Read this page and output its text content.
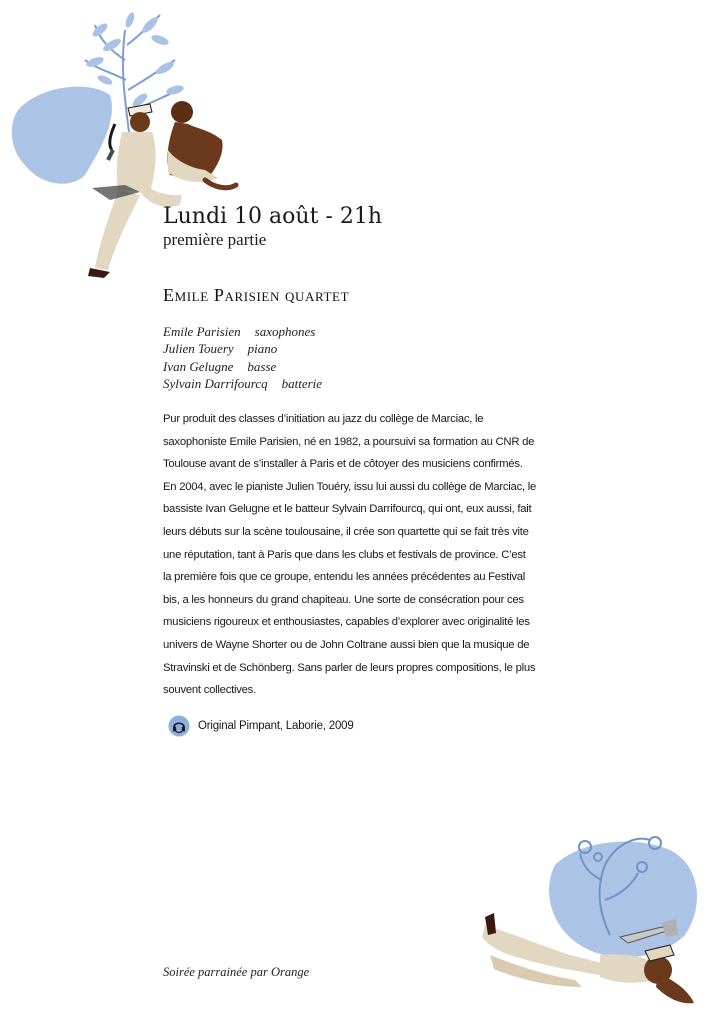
Lundi 10 août - 21h
première partie
Emile Parisien quartet
Emile Parisien saxophones
Julien Touery piano
Ivan Gelugne basse
Sylvain Darrifourcq batterie
Pur produit des classes d’initiation au jazz du collège de Marciac, le
saxophoniste Emile Parisien, né en 1982, a poursuivi sa formation au CNR de
Toulouse avant de s’installer à Paris et de côtoyer des musiciens confirmés.
En 2004, avec le pianiste Julien Touéry, issu lui aussi du collège de Marciac, le
bassiste Ivan Gelugne et le batteur Sylvain Darrifourcq, qui ont, eux aussi, fait
leurs débuts sur la scène toulousaine, il crée son quartette qui se fait très vite
une réputation, tant à Paris que dans les clubs et festivals de province. C’est
la première fois que ce groupe, entendu les années précédentes au Festival
bis, a les honneurs du grand chapiteau. Une sorte de consécration pour ces
musiciens rigoureux et enthousiastes, capables d’explorer avec originalité les
univers de Wayne Shorter ou de John Coltrane aussi bien que la musique de
Stravinski et de Schönberg. Sans parler de leurs propres compositions, le plus
souvent collectives.
Original Pimpant, Laborie, 2009
Soirée parrainée par Orange
